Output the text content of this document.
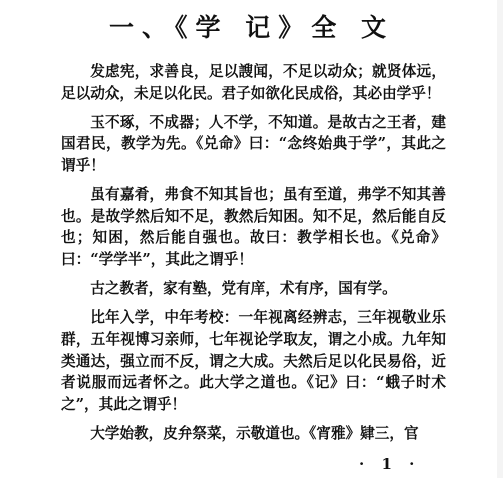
一、《学 记》全 文

发虑宪，求善良，足以謏闻，不足以动众；就贤体远，足以动众，未足以化民。君子如欲化民成俗，其必由学乎！

玉不琢，不成器；人不学，不知道。是故古之王者，建国君民，教学为先。《兑命》曰：“念终始典于学”，其此之谓乎！

虽有嘉肴，弗食不知其旨也；虽有至道，弗学不知其善也。是故学然后知不足，教然后知困。知不足，然后能自反也；知困，然后能自强也。故曰：教学相长也。《兑命》曰：“学学半”，其此之谓乎！

古之教者，家有塾，党有庠，术有序，国有学。

比年入学，中年考校：一年视离经辨志，三年视敬业乐群，五年视博习亲师，七年视论学取友，谓之小成。九年知类通达，强立而不反，谓之大成。夫然后足以化民易俗，近者说服而远者怀之。此大学之道也。《记》曰：“蛾子时术之”，其此之谓乎！

大学始教，皮弁祭菜，示敬道也。《宵雅》肄三，官

· 1 ·
